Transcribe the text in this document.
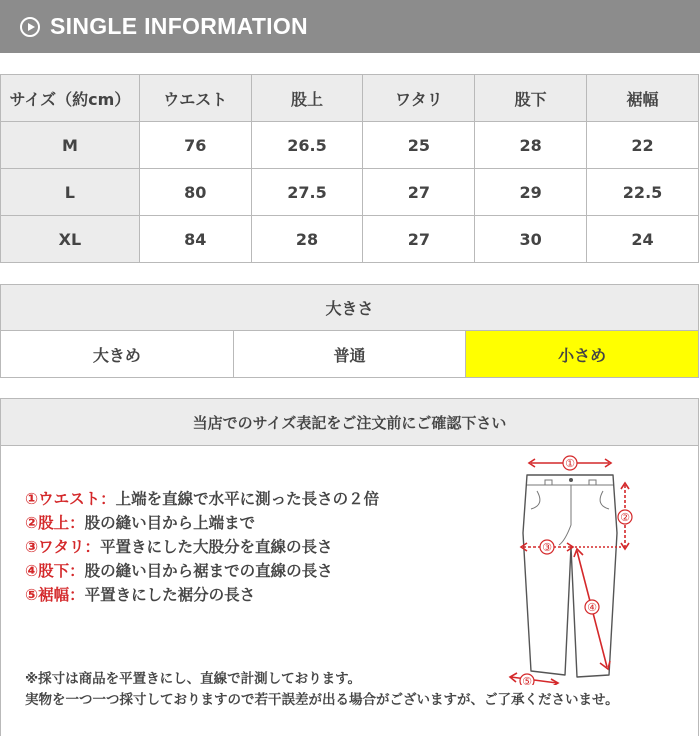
SINGLE INFORMATION
サイズ（約cm）	ウエスト	股上	ワタリ	股下	裾幅
M	76	26.5	25	28	22
L	80	27.5	27	29	22.5
XL	84	28	27	30	24
大きさ
大きめ	普通	小さめ
当店でのサイズ表記をご注文前にご確認下さい
①ウエスト：上端を直線で水平に測った長さの２倍
②股上：股の縫い目から上端まで
③ワタリ：平置きにした大股分を直線の長さ
④股下：股の縫い目から裾までの直線の長さ
⑤裾幅：平置きにした裾分の長さ
①
②
③
④
⑤
※採寸は商品を平置きにし、直線で計測しております。
実物を一つ一つ採寸しておりますので若干誤差が出る場合がございますが、ご了承くださいませ。
